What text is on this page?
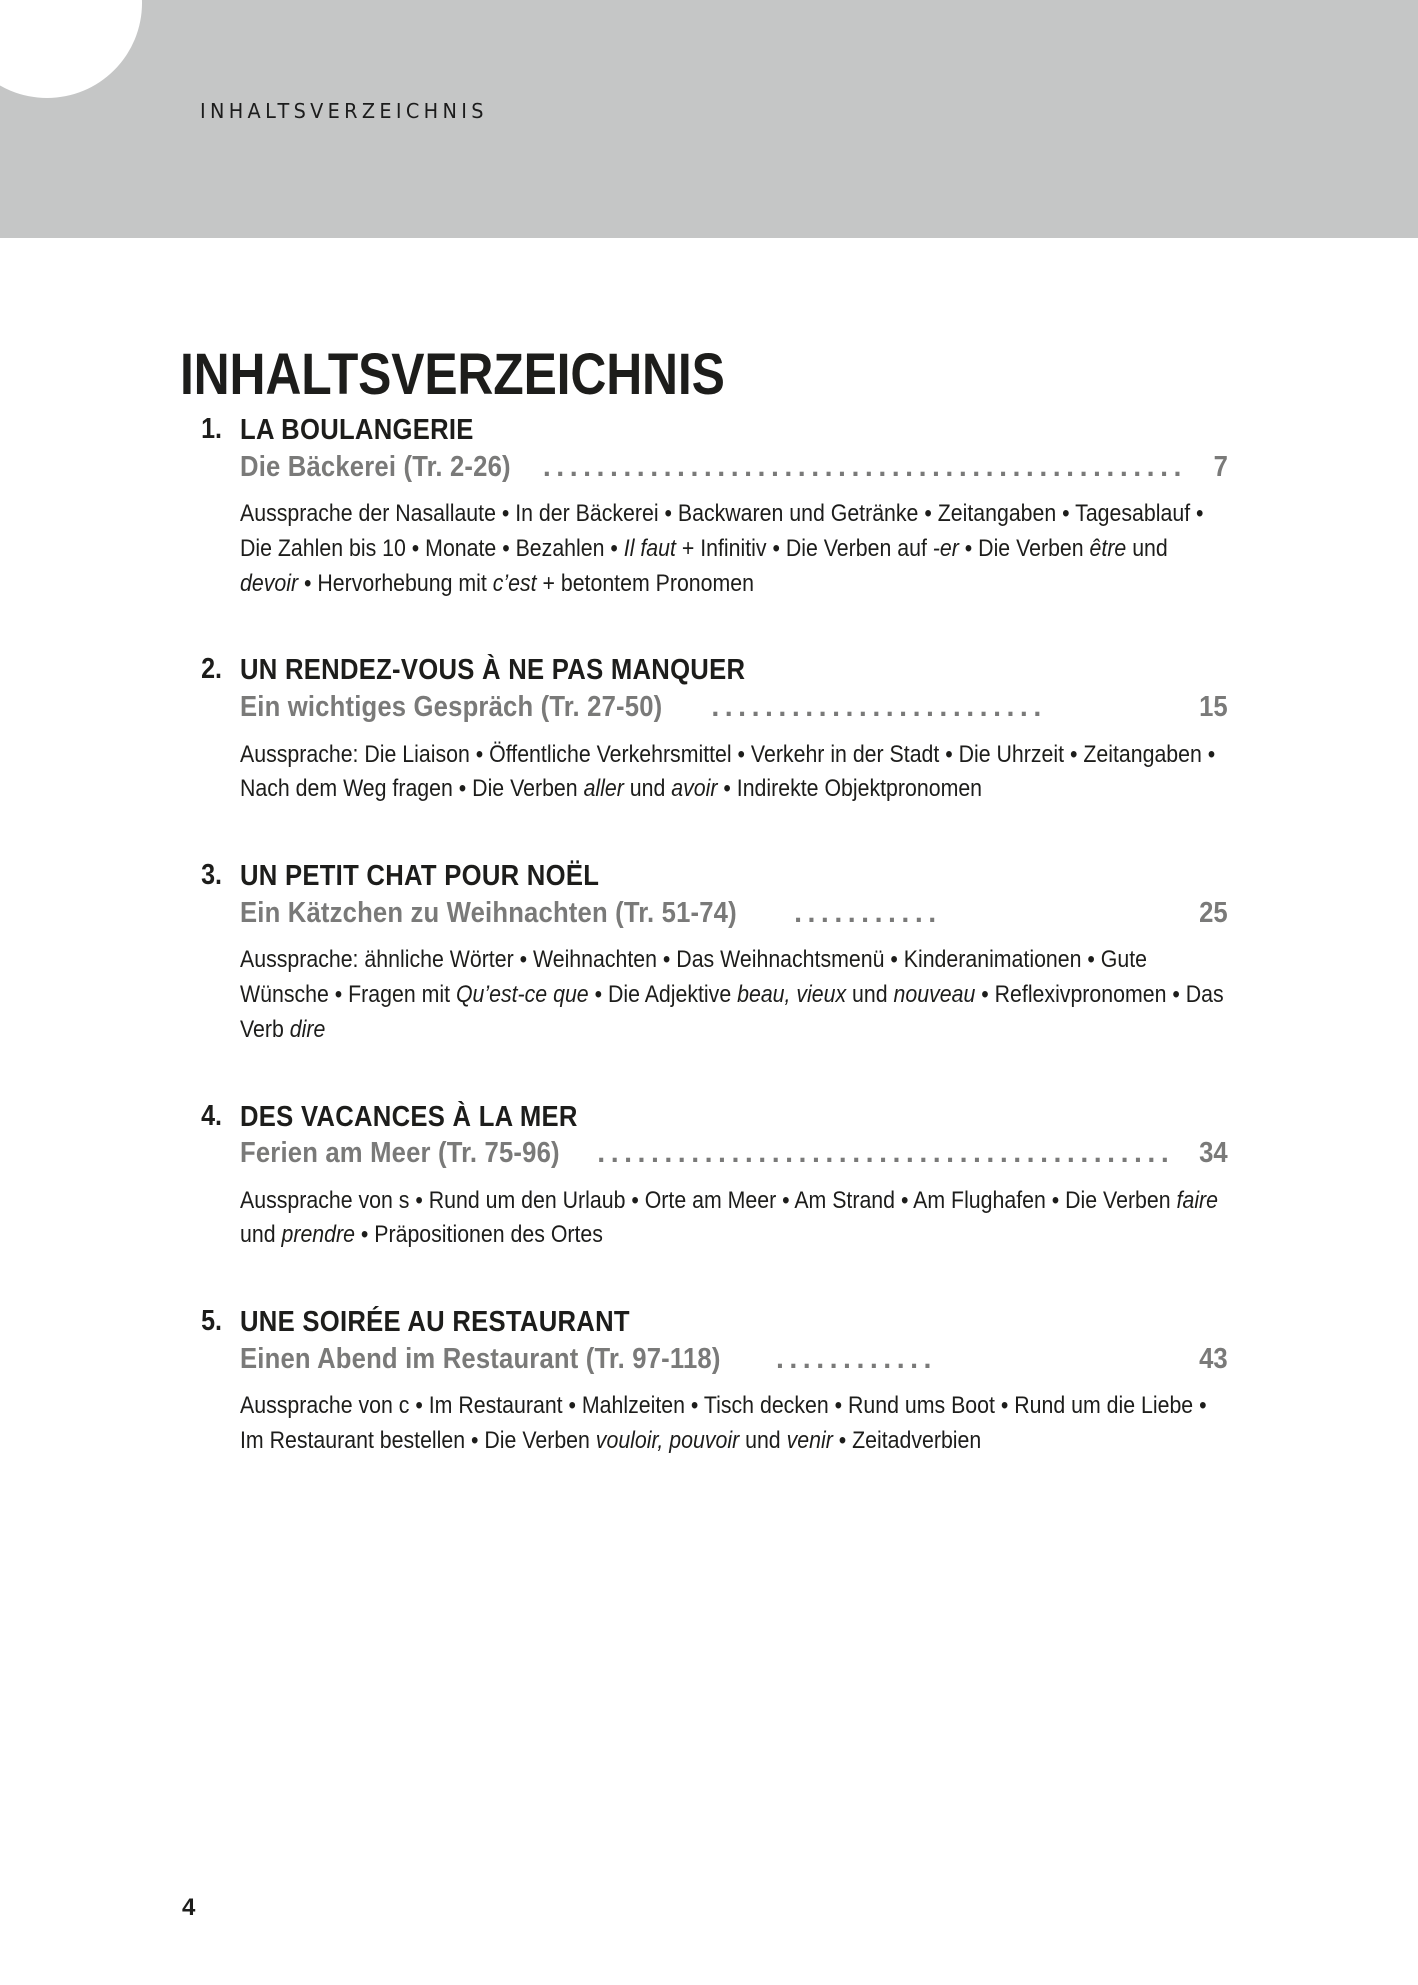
INHALTSVERZEICHNIS
INHALTSVERZEICHNIS
1. LA BOULANGERIE
Die Bäckerei (Tr. 2-26) ................................................ 7
Aussprache der Nasallaute • In der Bäckerei • Backwaren und Getränke • Zeitangaben • Tagesablauf • Die Zahlen bis 10 • Monate • Bezahlen • Il faut + Infinitiv • Die Verben auf -er • Die Verben être und devoir • Hervorhebung mit c’est + betontem Pronomen
2. UN RENDEZ-VOUS À NE PAS MANQUER
Ein wichtiges Gespräch (Tr. 27-50) .........................	15
Aussprache: Die Liaison • Öffentliche Verkehrsmittel • Verkehr in der Stadt • Die Uhrzeit • Zeitangaben • Nach dem Weg fragen • Die Verben aller und avoir • Indirekte Objektpronomen
3. UN PETIT CHAT POUR NOËL
Ein Kätzchen zu Weihnachten (Tr. 51-74) ...........	25
Aussprache: ähnliche Wörter • Weihnachten • Das Weihnachtsmenü • Kinderanimationen • Gute Wünsche • Fragen mit Qu’est-ce que • Die Adjektive beau, vieux und nouveau • Reflexivpronomen • Das Verb dire
4. DES VACANCES À LA MER
Ferien am Meer (Tr. 75-96) ........................................... 34
Aussprache von s • Rund um den Urlaub • Orte am Meer • Am Strand • Am Flughafen • Die Verben faire und prendre • Präpositionen des Ortes
5. UNE SOIRÉE AU RESTAURANT
Einen Abend im Restaurant (Tr. 97-118) ............	43
Aussprache von c • Im Restaurant • Mahlzeiten • Tisch decken • Rund ums Boot • Rund um die Liebe • Im Restaurant bestellen • Die Verben vouloir, pouvoir und venir • Zeitadverbien
4
